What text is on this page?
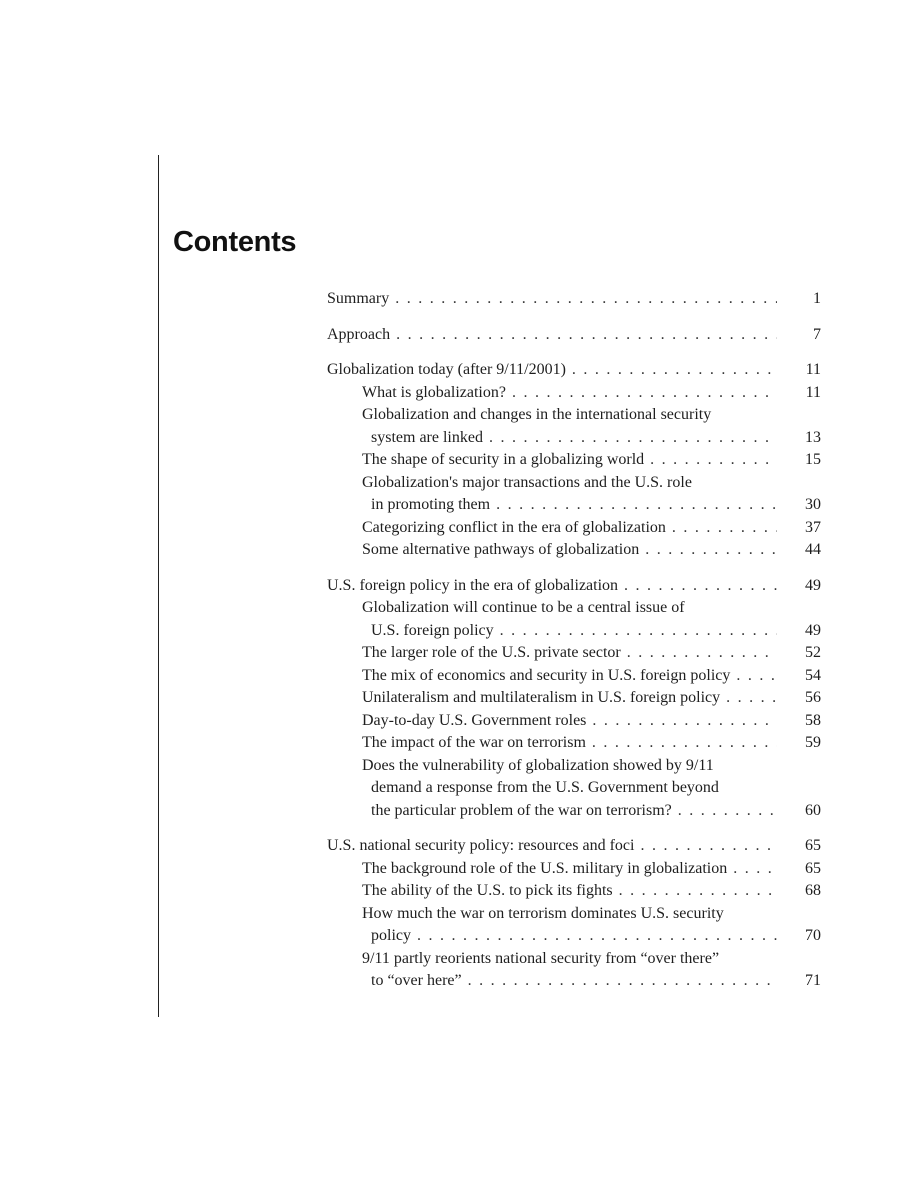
Contents
Summary . . .	1
Approach . . .	7
Globalization today (after 9/11/2001) . . .	11
What is globalization? . . .	11
Globalization and changes in the international security
system are linked . . .	13
The shape of security in a globalizing world . . .	15
Globalization's major transactions and the U.S. role
in promoting them . . .	30
Categorizing conflict in the era of globalization . . .	37
Some alternative pathways of globalization . . .	44
U.S. foreign policy in the era of globalization . . .	49
Globalization will continue to be a central issue of
U.S. foreign policy . . .	49
The larger role of the U.S. private sector . . .	52
The mix of economics and security in U.S. foreign policy . . .	54
Unilateralism and multilateralism in U.S. foreign policy . . .	56
Day-to-day U.S. Government roles . . .	58
The impact of the war on terrorism . . .	59
Does the vulnerability of globalization showed by 9/11
demand a response from the U.S. Government beyond
the particular problem of the war on terrorism? . . .	60
U.S. national security policy: resources and foci . . .	65
The background role of the U.S. military in globalization . . .	65
The ability of the U.S. to pick its fights . . .	68
How much the war on terrorism dominates U.S. security
policy . . .	70
9/11 partly reorients national security from “over there”
to “over here” . . .	71
